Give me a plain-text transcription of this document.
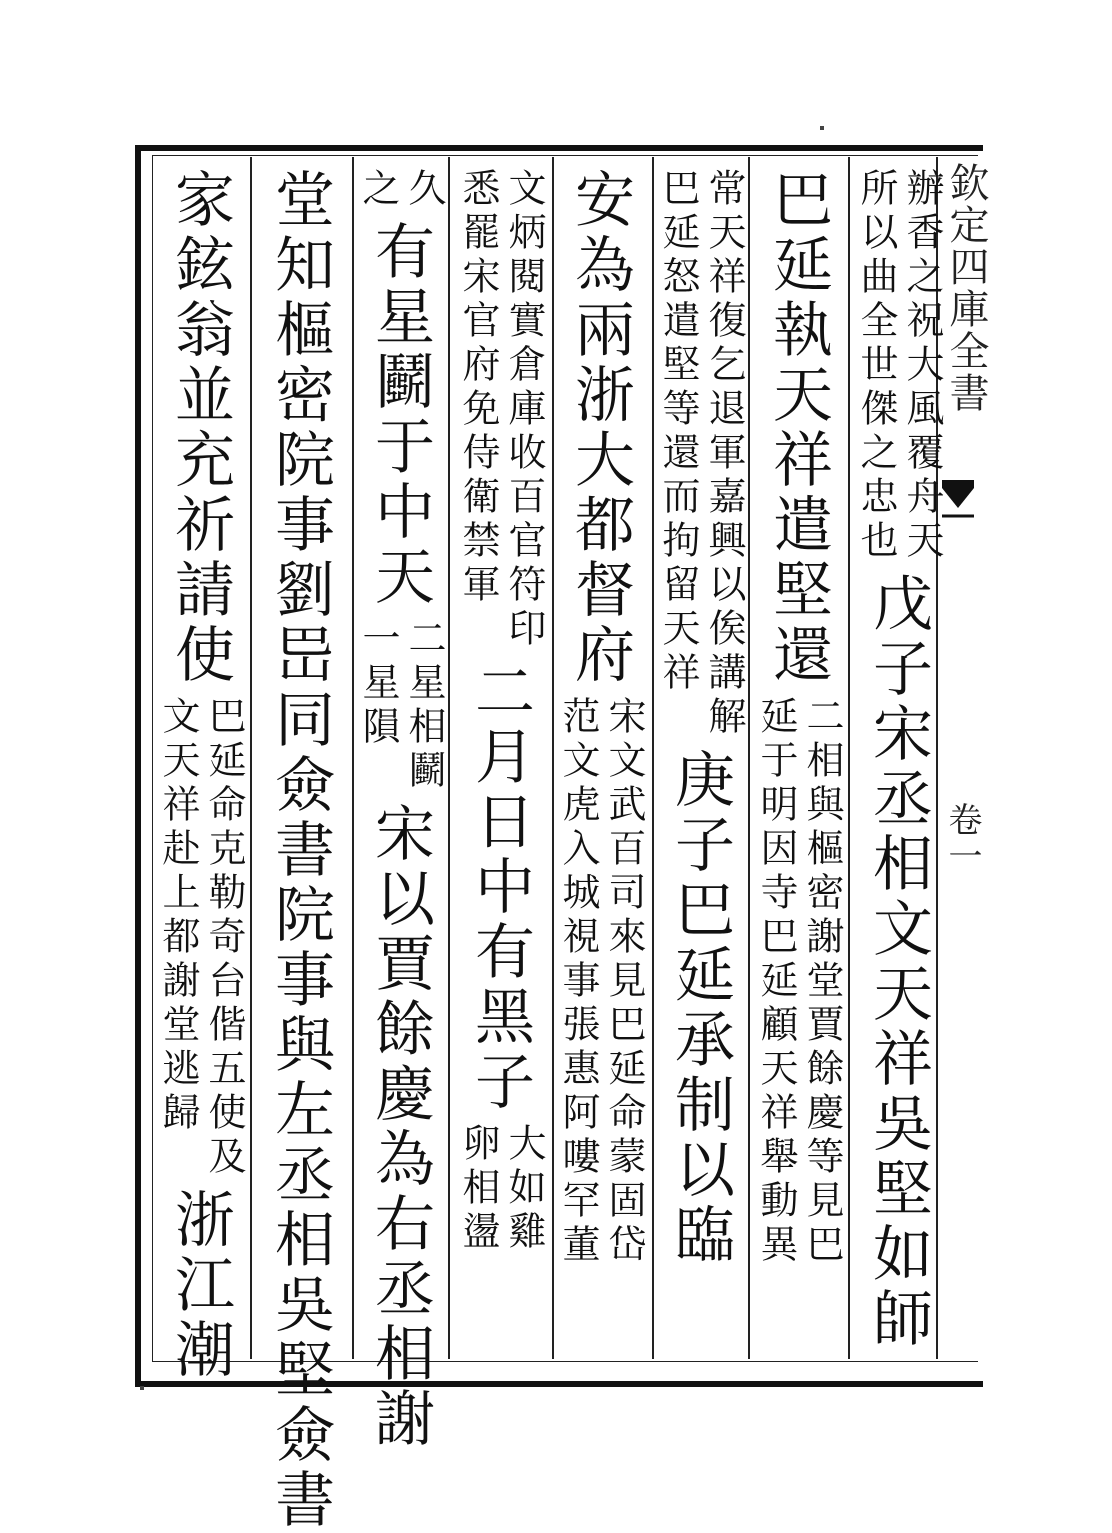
欽定四庫全書
卷一
辦香之祝大風覆舟天
所以曲全世傑之忠也
戊子宋丞相文天祥吳堅如師
巴延執天祥遣堅還
二相與樞密謝堂賈餘慶等見巴
延于明因寺巴延顧天祥舉動異
常天祥復乞退軍嘉興以俟講解
巴延怒遣堅等還而拘留天祥
庚子巴延承制以臨
安為兩浙大都督府
宋文武百司來見巴延命蒙固岱
范文虎入城視事張惠阿嘍罕董
文炳閱實倉庫收百官符印
悉罷宋官府免侍衛禁軍
二月日中有黑子
大如雞
卵相盪
久
之
有星鬬于中天
二星相鬬
一星隕
宋以賈餘慶為右丞相謝
堂知樞密院事劉岊同僉書院事與左丞相吳堅僉書
家鉉翁並充祈請使
巴延命克勒奇台偕五使及
文天祥赴上都謝堂逃歸
浙江潮
